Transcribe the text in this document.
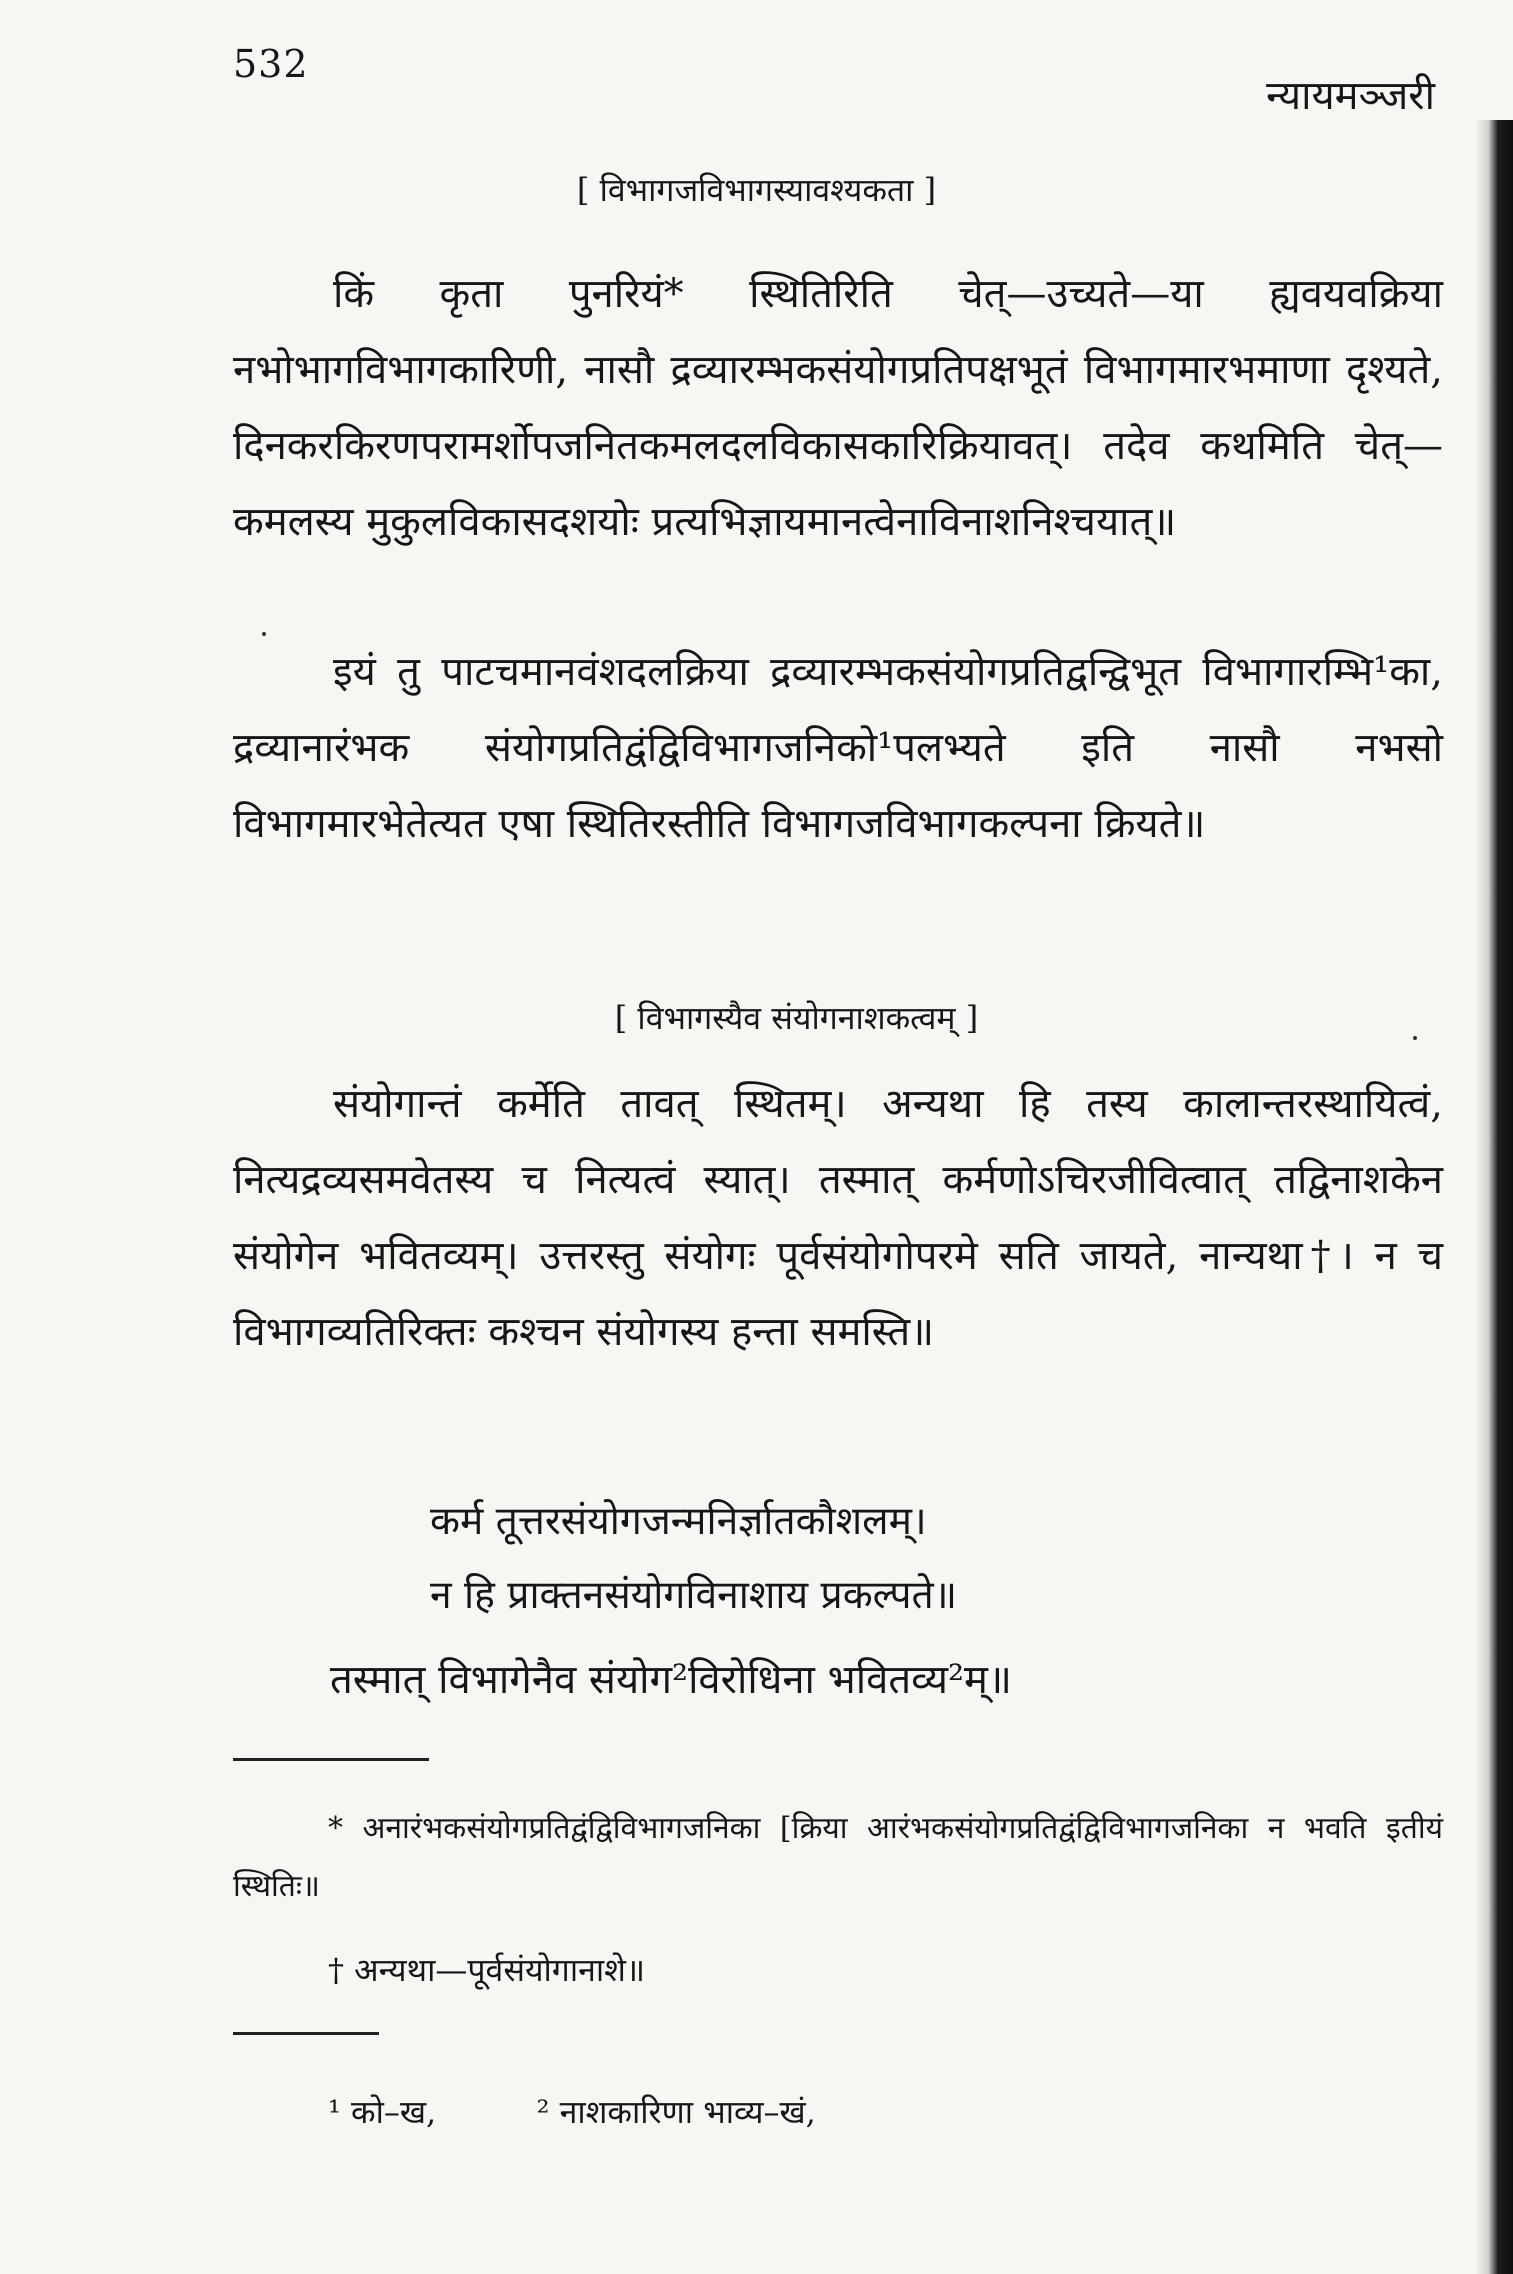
532
न्यायमञ्जरी
[ विभागजविभागस्यावश्यकता ]

किं कृता पुनरियं* स्थितिरिति चेत्—उच्यते—या ह्यवयवक्रिया नभोभागविभागकारिणी, नासौ द्रव्यारम्भकसंयोगप्रतिपक्षभूतं विभागमारभमाणा दृश्यते, दिनकरकिरणपरामर्शोपजनितकमलदलविकासकारिक्रियावत्। तदेव कथमिति चेत्—कमलस्य मुकुलविकासदशयोः प्रत्यभिज्ञायमानत्वेनाविनाशनिश्चयात्॥

इयं तु पाटचमानवंशदलक्रिया द्रव्यारम्भकसंयोगप्रतिद्वन्द्विभूत विभागारम्भि¹का, द्रव्यानारंभक संयोगप्रतिद्वंद्विविभागजनिको¹पलभ्यते इति नासौ नभसो विभागमारभेतेत्यत एषा स्थितिरस्तीति विभागजविभागकल्पना क्रियते॥

[ विभागस्यैव संयोगनाशकत्वम् ]

संयोगान्तं कर्मेति तावत् स्थितम्। अन्यथा हि तस्य कालान्तरस्थायित्वं, नित्यद्रव्यसमवेतस्य च नित्यत्वं स्यात्। तस्मात् कर्मणोऽचिरजीवित्वात् तद्विनाशकेन संयोगेन भवितव्यम्। उत्तरस्तु संयोगः पूर्वसंयोगोपरमे सति जायते, नान्यथा†। न च विभागव्यतिरिक्तः कश्चन संयोगस्य हन्ता समस्ति॥

कर्म तूत्तरसंयोगजन्मनिर्ज्ञातकौशलम्।
न हि प्राक्तनसंयोगविनाशाय प्रकल्पते॥
तस्मात् विभागेनैव संयोग²विरोधिना भवितव्य²म्॥

* अनारंभकसंयोगप्रतिद्वंद्विविभागजनिका [क्रिया आरंभकसंयोगप्रतिद्वंद्विविभागजनिका न भवति इतीयं स्थितिः॥

† अन्यथा—पूर्वसंयोगानाशे॥
¹ को–ख,	² नाशकारिणा भाव्य–खं,
